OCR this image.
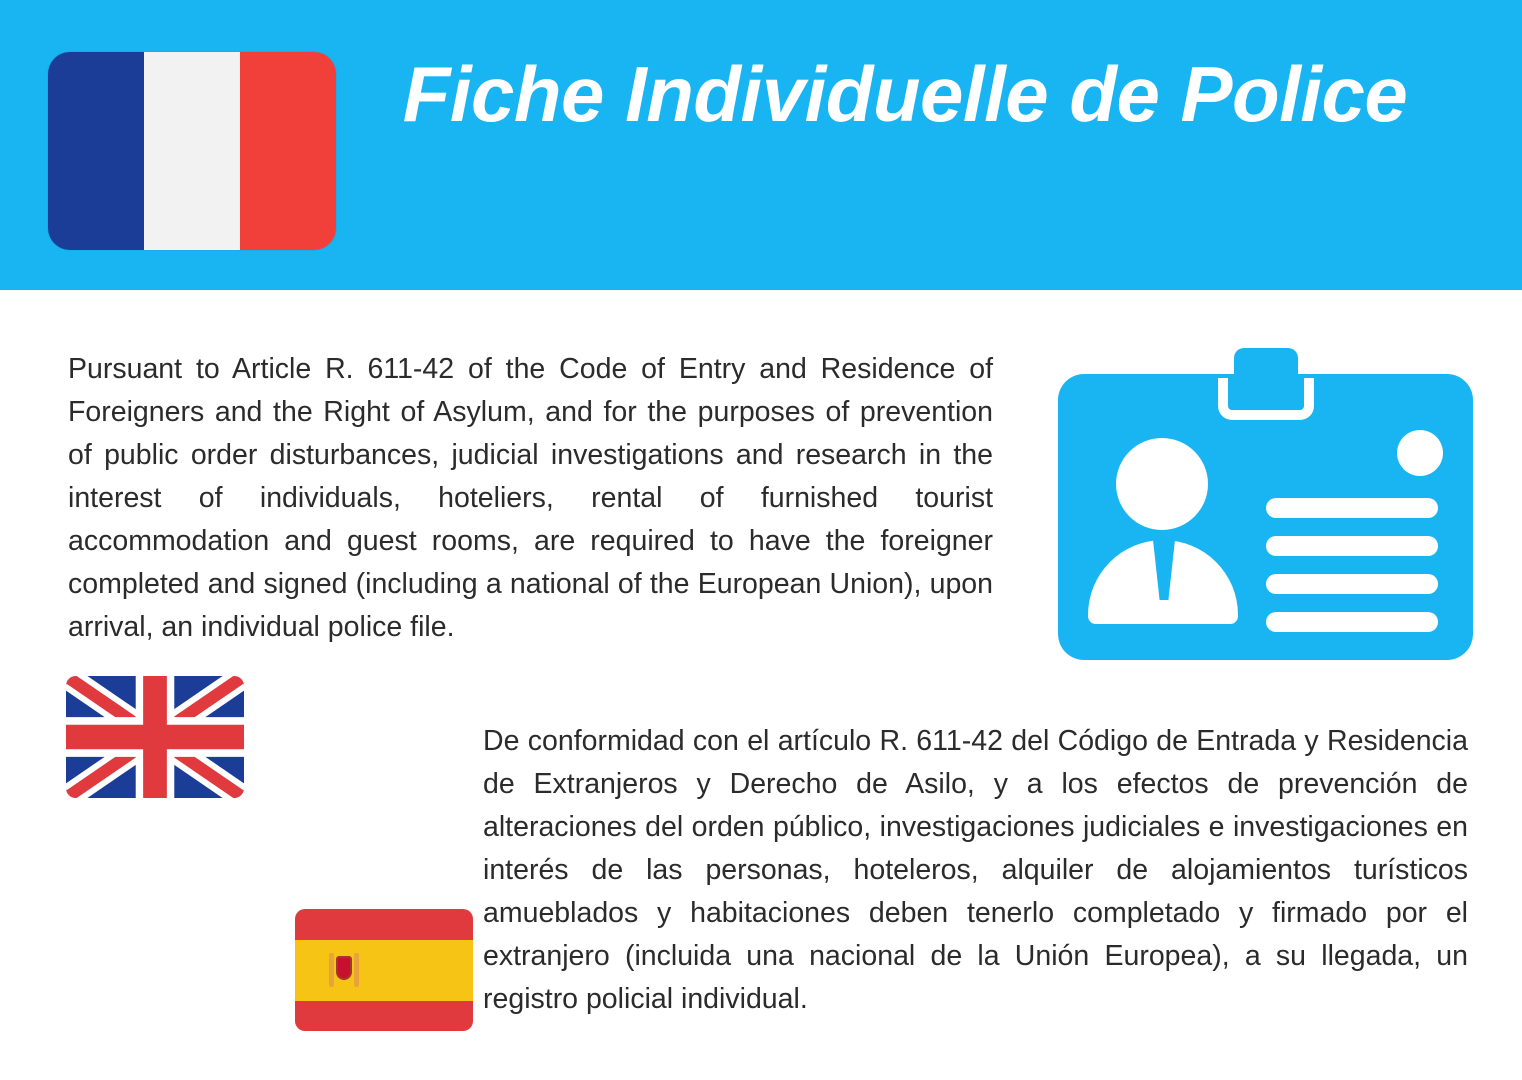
Fiche Individuelle de Police
Pursuant to Article R. 611-42 of the Code of Entry and Residence of Foreigners and the Right of Asylum, and for the purposes of prevention of public order disturbances, judicial investigations and research in the interest of individuals, hoteliers, rental of furnished tourist accommodation and guest rooms, are required to have the foreigner completed and signed (including a national of the European Union), upon arrival, an individual police file.
De conformidad con el artículo R. 611-42 del Código de Entrada y Residencia de Extranjeros y Derecho de Asilo, y a los efectos de prevención de alteraciones del orden público, investigaciones judiciales e investigaciones en interés de las personas, hoteleros, alquiler de alojamientos turísticos amueblados y habitaciones deben tenerlo completado y firmado por el extranjero (incluida una nacional de la Unión Europea), a su llegada, un registro policial individual.
